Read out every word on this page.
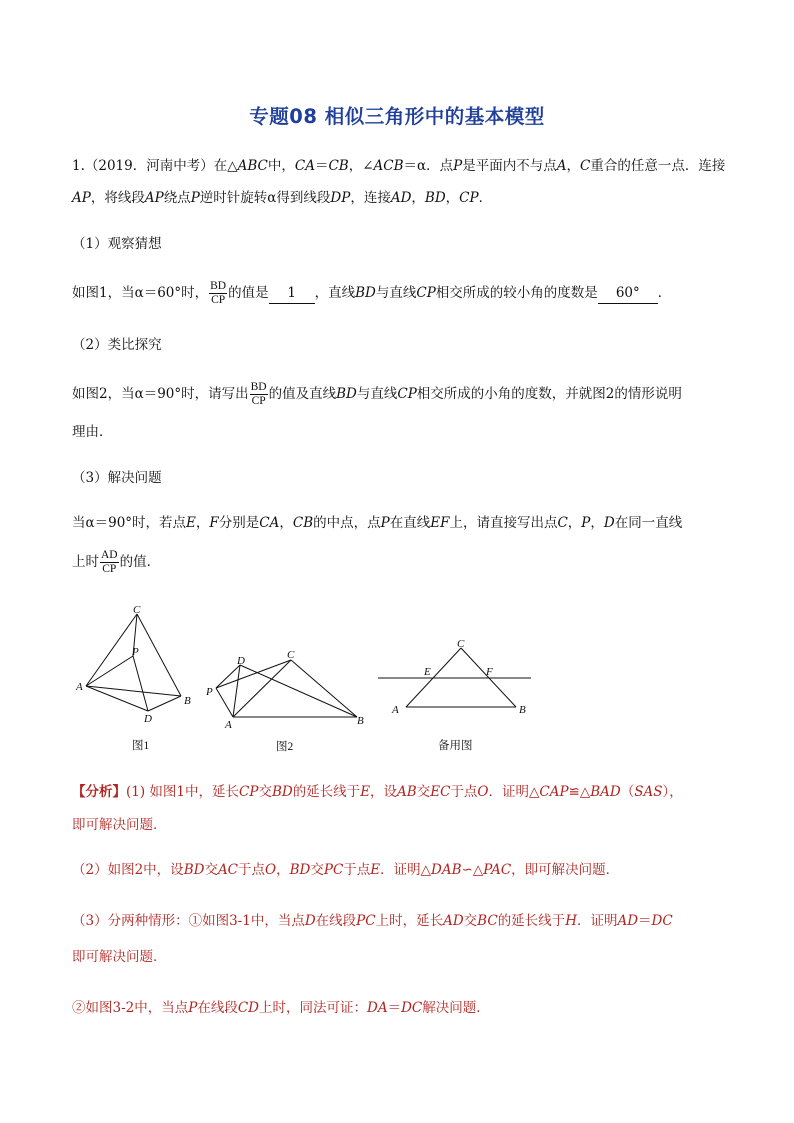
专题08 相似三角形中的基本模型
1.（2019．河南中考）在△ABC中，CA＝CB，∠ACB＝α．点P是平面内不与点A，C重合的任意一点．连接
AP，将线段AP绕点P逆时针旋转α得到线段DP，连接AD，BD，CP．
（1）观察猜想
如图1，当α＝60°时， $\frac{BD}{CP}$ 的值是 1 ，直线BD与直线CP相交所成的较小角的度数是 60° ．
（2）类比探究
如图2，当α＝90°时，请写出 $\frac{BD}{CP}$ 的值及直线BD与直线CP相交所成的小角的度数，并就图2的情形说明
理由．
（3）解决问题
当α＝90°时，若点E，F分别是CA，CB的中点，点P在直线EF上，请直接写出点C，P，D在同一直线
上时 $\frac{AD}{CP}$ 的值．
C
P
A
B
D
图1
C
D
P
A	B
图2
C
E	F
A	B
备用图
【分析】(1) 如图1中，延长CP交BD的延长线于E，设AB交EC于点O．证明△CAP≌△BAD（SAS），
即可解决问题．
（2）如图2中，设BD交AC于点O，BD交PC于点E．证明△DAB∽△PAC，即可解决问题．
（3）分两种情形：①如图3-1中，当点D在线段PC上时，延长AD交BC的延长线于H．证明AD＝DC
即可解决问题．
②如图3-2中，当点P在线段CD上时，同法可证：DA＝DC解决问题．
